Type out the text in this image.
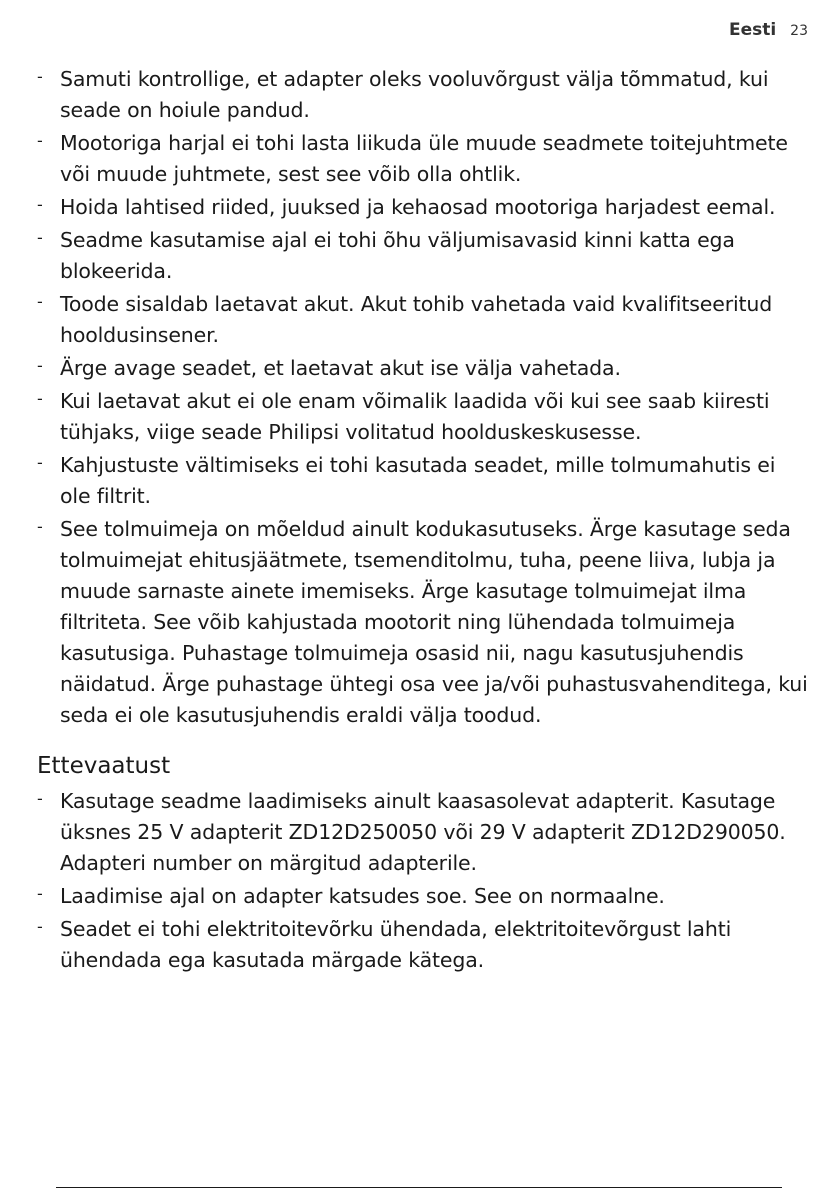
Eesti 23
- Samuti kontrollige, et adapter oleks vooluvõrgust välja tõmmatud, kui seade on hoiule pandud.
- Mootoriga harjal ei tohi lasta liikuda üle muude seadmete toitejuhtmete või muude juhtmete, sest see võib olla ohtlik.
- Hoida lahtised riided, juuksed ja kehaosad mootoriga harjadest eemal.
- Seadme kasutamise ajal ei tohi õhu väljumisavasid kinni katta ega blokeerida.
- Toode sisaldab laetavat akut. Akut tohib vahetada vaid kvalifitseeritud hooldusinsener.
- Ärge avage seadet, et laetavat akut ise välja vahetada.
- Kui laetavat akut ei ole enam võimalik laadida või kui see saab kiiresti tühjaks, viige seade Philipsi volitatud hoolduskeskusesse.
- Kahjustuste vältimiseks ei tohi kasutada seadet, mille tolmumahutis ei ole filtrit.
- See tolmuimeja on mõeldud ainult kodukasutuseks. Ärge kasutage seda tolmuimejat ehitusjäätmete, tsemenditolmu, tuha, peene liiva, lubja ja muude sarnaste ainete imemiseks. Ärge kasutage tolmuimejat ilma filtriteta. See võib kahjustada mootorit ning lühendada tolmuimeja kasutusiga. Puhastage tolmuimeja osasid nii, nagu kasutusjuhendis näidatud. Ärge puhastage ühtegi osa vee ja/või puhastusvahenditega, kui seda ei ole kasutusjuhendis eraldi välja toodud.
Ettevaatust
- Kasutage seadme laadimiseks ainult kaasasolevat adapterit. Kasutage üksnes 25 V adapterit ZD12D250050 või 29 V adapterit ZD12D290050. Adapteri number on märgitud adapterile.
- Laadimise ajal on adapter katsudes soe. See on normaalne.
- Seadet ei tohi elektritoitevõrku ühendada, elektritoitevõrgust lahti ühendada ega kasutada märgade kätega.
